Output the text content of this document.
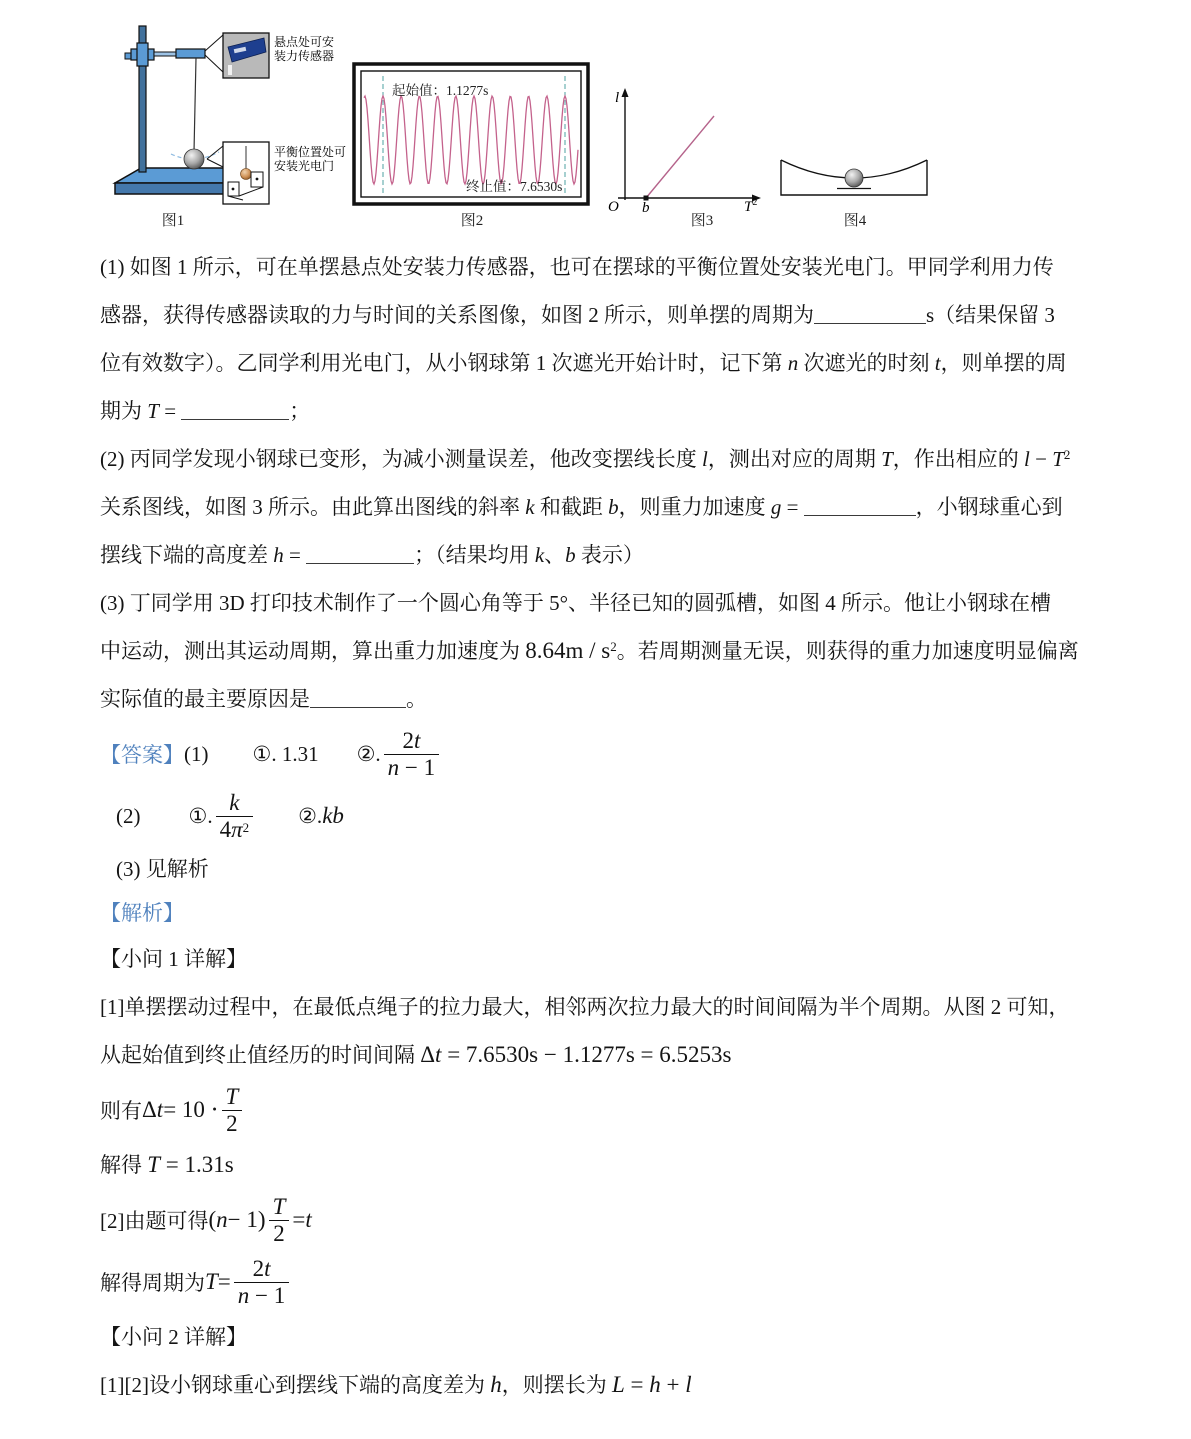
悬点处可安
装力传感器
平衡位置处可
安装光电门
起始值：1.1277s
终止值：7.6530s
l
O b	$T^2$
图1	图2	图3	图4
(1) 如图 1 所示，可在单摆悬点处安装力传感器，也可在摆球的平衡位置处安装光电门。甲同学利用力传
感器，获得传感器读取的力与时间的关系图像，如图 2 所示，则单摆的周期为	s（结果保留 3
位有效数字）。乙同学利用光电门，从小钢球第 1 次遮光开始计时，记下第 n 次遮光的时刻 t，则单摆的周
期为 T =	；
(2) 丙同学发现小钢球已变形，为减小测量误差，他改变摆线长度 l，测出对应的周期 T，作出相应的 $l - T^2$
关系图线，如图 3 所示。由此算出图线的斜率 k 和截距 b，则重力加速度 g =	，小钢球重心到
摆线下端的高度差 h =	；（结果均用 k、b 表示）
(3) 丁同学用 3D 打印技术制作了一个圆心角等于 5°、半径已知的圆弧槽，如图 4 所示。他让小钢球在槽
中运动，测出其运动周期，算出重力加速度为 $8.64m / s^2$。若周期测量无误，则获得的重力加速度明显偏离
实际值的最主要原因是	。
【答案】 (1) ①. 1.31 ②. $\frac{2t}{n - 1}$
(2) ①. $\frac{k}{4\pi^2}$ ②. kb
(3) 见解析
【解析】
【小问 1 详解】
[1]单摆摆动过程中，在最低点绳子的拉力最大，相邻两次拉力最大的时间间隔为半个周期。从图 2 可知，
从起始值到终止值经历的时间间隔 Δt = 7.6530s − 1.1277s = 6.5253s
则有 Δ $t = 10 \cdot \frac{T}{2}$
解得 T = 1.31s
[2]由题可得 ( n − 1 ) $\frac{T}{2} = t$
解得周期为 $T = \frac{2t}{n - 1}$
【小问 2 详解】
[1][2]设小钢球重心到摆线下端的高度差为 h，则摆长为 L = h + l
